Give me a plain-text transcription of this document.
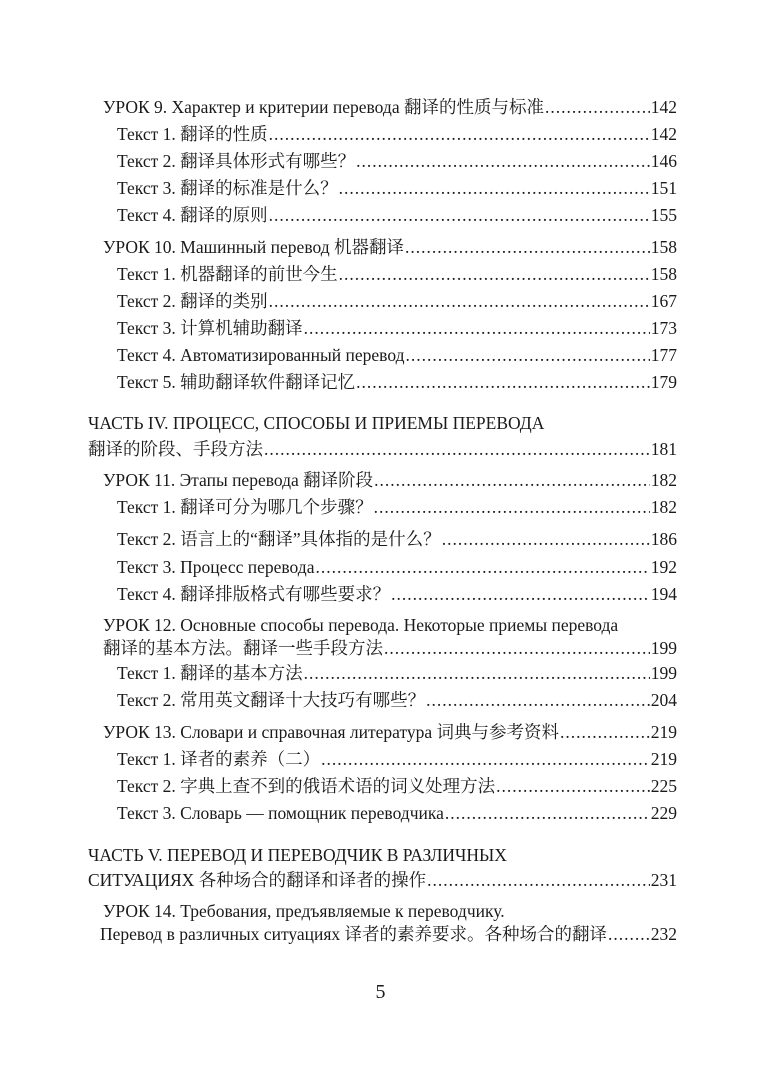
УРОК 9. Характер и критерии перевода 翻译的性质与标准 .....	142
Текст 1. 翻译的性质 .....	142
Текст 2. 翻译具体形式有哪些？ .....	146
Текст 3. 翻译的标准是什么？ .....	151
Текст 4. 翻译的原则 .....	155
УРОК 10. Машинный перевод 机器翻译 .....	158
Текст 1. 机器翻译的前世今生 .....	158
Текст 2. 翻译的类别 .....	167
Текст 3. 计算机辅助翻译 .....	173
Текст 4. Автоматизированный перевод .....	177
Текст 5. 辅助翻译软件翻译记忆 .....	179
ЧАСТЬ IV. ПРОЦЕСС, СПОСОБЫ И ПРИЕМЫ ПЕРЕВОДА
翻译的阶段、手段方法 .....	181
УРОК 11. Этапы перевода 翻译阶段 .....	182
Текст 1. 翻译可分为哪几个步骤？ .....	182
Текст 2. 语言上的“翻译”具体指的是什么？ .....	186
Текст 3. Процесс перевода .....	192
Текст 4. 翻译排版格式有哪些要求？ .....	194
УРОК 12. Основные способы перевода. Некоторые приемы перевода
翻译的基本方法。翻译一些手段方法 .....	199
Текст 1. 翻译的基本方法 .....	199
Текст 2. 常用英文翻译十大技巧有哪些？ .....	204
УРОК 13. Словари и справочная литература 词典与参考资料 .....	219
Текст 1. 译者的素养（二） .....	219
Текст 2. 字典上查不到的俄语术语的词义处理方法 .....	225
Текст 3. Словарь — помощник переводчика .....	229
ЧАСТЬ V. ПЕРЕВОД И ПЕРЕВОДЧИК В РАЗЛИЧНЫХ
СИТУАЦИЯХ 各种场合的翻译和译者的操作 .....	231
УРОК 14. Требования, предъявляемые к переводчику.
Перевод в различных ситуациях 译者的素养要求。各种场合的翻译 ..... 232
5
